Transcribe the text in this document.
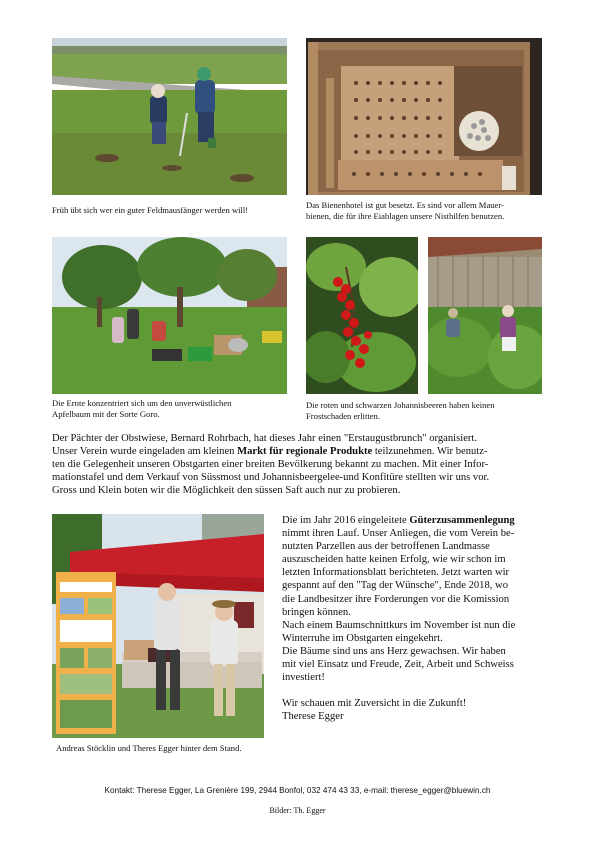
Früh übt sich wer ein guter Feldmausfänger werden will!	Das Bienenhotel ist gut besetzt. Es sind vor allem Mauer-
bienen, die für ihre Eiablagen unsere Nisthilfen benutzen.
Die Ernte konzentriert sich um den unverwüstlichen
Apfelbaum mit der Sorte Goro.
Die roten und schwarzen Johannisbeeren haben keinen
Frostschaden erlitten.
Der Pächter der Obstwiese, Bernard Rohrbach, hat dieses Jahr einen "Erstaugustbrunch" organisiert.
Unser Verein wurde eingeladen am kleinen Markt für regionale Produkte teilzunehmen. Wir benutz-
ten die Gelegenheit unseren Obstgarten einer breiten Bevölkerung bekannt zu machen. Mit einer Infor-
mationstafel und dem Verkauf von Süssmost und Johannisbeergelee-und Konfitüre stellten wir uns vor.
Gross und Klein boten wir die Möglichkeit den süssen Saft auch nur zu probieren.
Andreas Stöcklin und Theres Egger hinter dem Stand.
Die im Jahr 2016 eingeleitete Güterzusammenlegung
nimmt ihren Lauf. Unser Anliegen, die vom Verein be-
nutzten Parzellen aus der betroffenen Landmasse
auszuscheiden hatte keinen Erfolg, wie wir schon im
letzten Informationsblatt berichteten. Jetzt warten wir
gespannt auf den "Tag der Wünsche", Ende 2018, wo
die Landbesitzer ihre Forderungen vor die Komission
bringen können.
Nach einem Baumschnittkurs im November ist nun die
Winterruhe im Obstgarten eingekehrt.
Die Bäume sind uns ans Herz gewachsen. Wir haben
mit viel Einsatz und Freude, Zeit, Arbeit und Schweiss
investiert!

Wir schauen mit Zuversicht in die Zukunft!
Therese Egger
Kontakt: Therese Egger, La Grenière 199, 2944 Bonfol, 032 474 43 33, e-mail: therese_egger@bluewin.ch
Bilder: Th. Egger
